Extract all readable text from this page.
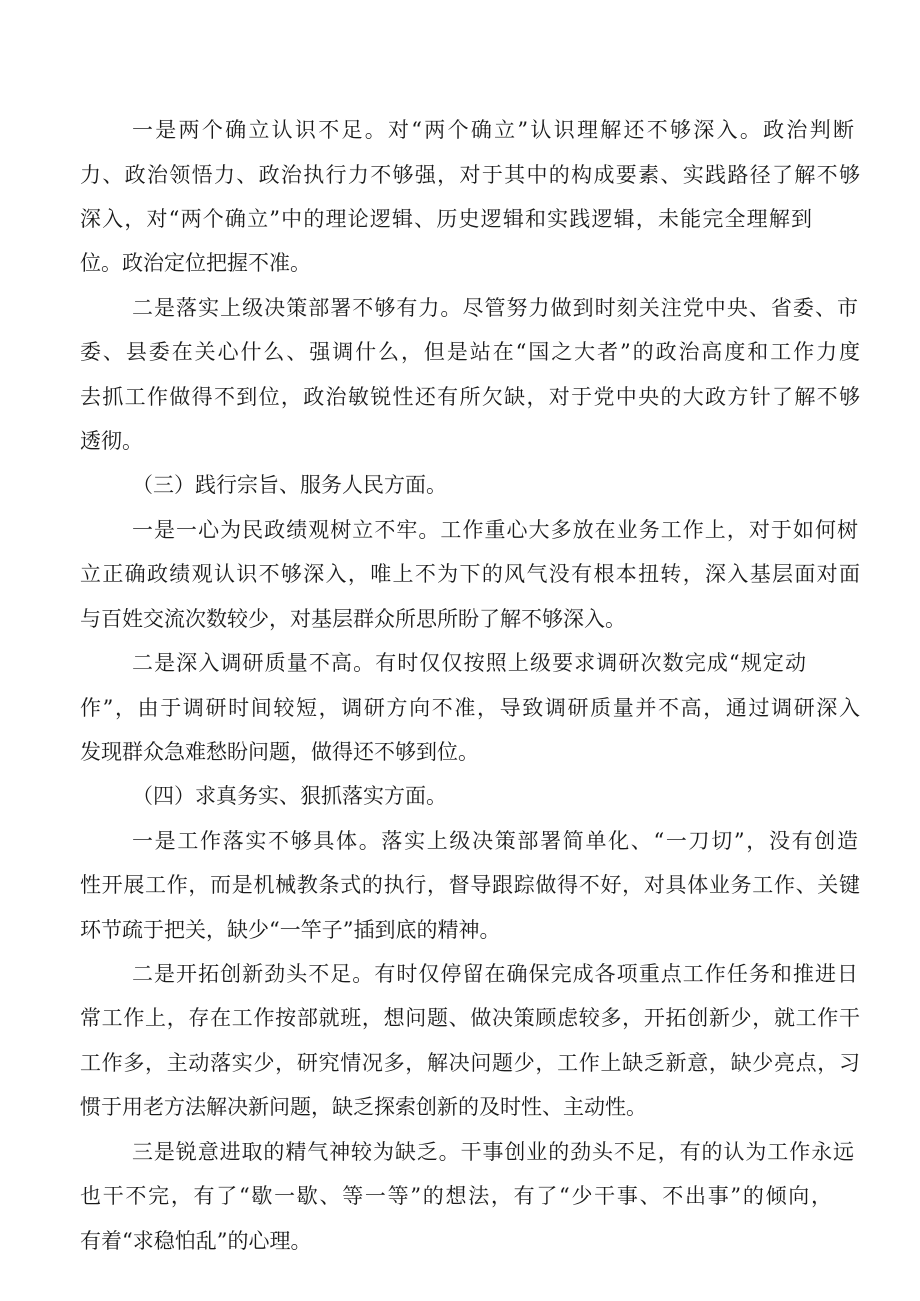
一是两个确立认识不足。对“两个确立”认识理解还不够深入。政治判断
力、政治领悟力、政治执行力不够强，对于其中的构成要素、实践路径了解不够
深入，对“两个确立”中的理论逻辑、历史逻辑和实践逻辑，未能完全理解到
位。政治定位把握不准。
二是落实上级决策部署不够有力。尽管努力做到时刻关注党中央、省委、市
委、县委在关心什么、强调什么，但是站在“国之大者”的政治高度和工作力度
去抓工作做得不到位，政治敏锐性还有所欠缺，对于党中央的大政方针了解不够
透彻。
（三）践行宗旨、服务人民方面。
一是一心为民政绩观树立不牢。工作重心大多放在业务工作上，对于如何树
立正确政绩观认识不够深入，唯上不为下的风气没有根本扭转，深入基层面对面
与百姓交流次数较少，对基层群众所思所盼了解不够深入。
二是深入调研质量不高。有时仅仅按照上级要求调研次数完成“规定动
作”，由于调研时间较短，调研方向不准，导致调研质量并不高，通过调研深入
发现群众急难愁盼问题，做得还不够到位。
（四）求真务实、狠抓落实方面。
一是工作落实不够具体。落实上级决策部署简单化、“一刀切”，没有创造
性开展工作，而是机械教条式的执行，督导跟踪做得不好，对具体业务工作、关键
环节疏于把关，缺少“一竿子”插到底的精神。
二是开拓创新劲头不足。有时仅停留在确保完成各项重点工作任务和推进日
常工作上，存在工作按部就班，想问题、做决策顾虑较多，开拓创新少，就工作干
工作多，主动落实少，研究情况多，解决问题少，工作上缺乏新意，缺少亮点，习
惯于用老方法解决新问题，缺乏探索创新的及时性、主动性。
三是锐意进取的精气神较为缺乏。干事创业的劲头不足，有的认为工作永远
也干不完，有了“歇一歇、等一等”的想法，有了“少干事、不出事”的倾向，
有着“求稳怕乱”的心理。
